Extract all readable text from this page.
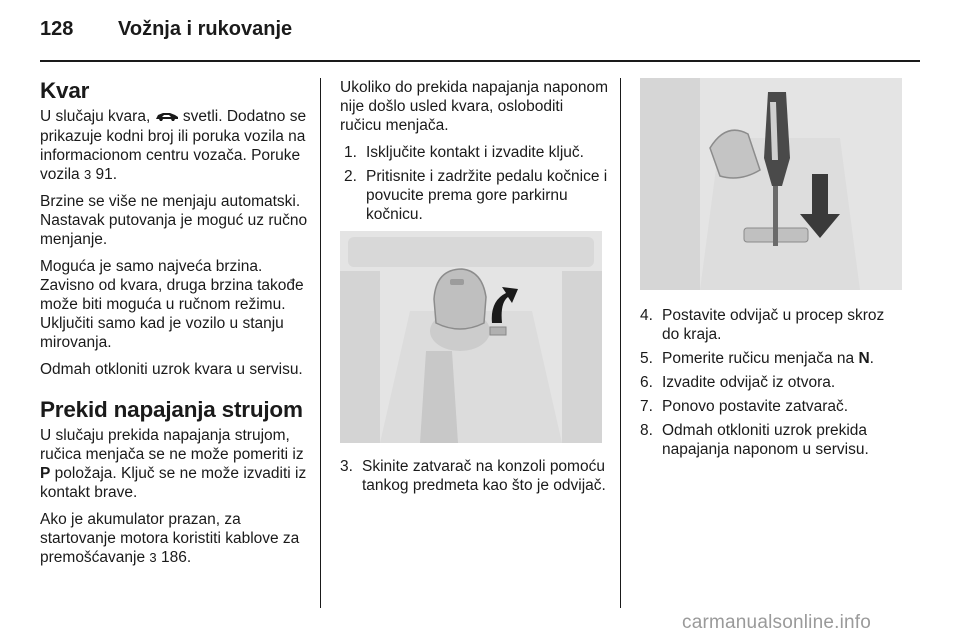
128 Vožnja i rukovanje
Kvar

U slučaju kvara, svetli. Dodatno se prikazuje kodni broj ili poruka vozila na informacionom centru vozača. Poruke vozila 3 91.

Brzine se više ne menjaju automatski. Nastavak putovanja je moguć uz ručno menjanje.

Moguća je samo najveća brzina. Zavisno od kvara, druga brzina takođe može biti moguća u ručnom režimu. Uključiti samo kad je vozilo u stanju mirovanja.

Odmah otkloniti uzrok kvara u servisu.

Prekid napajanja strujom

U slučaju prekida napajanja strujom, ručica menjača se ne može pomeriti iz P položaja. Ključ se ne može izvaditi iz kontakt brave.

Ako je akumulator prazan, za startovanje motora koristiti kablove za premošćavanje 3 186.

Ukoliko do prekida napajanja naponom nije došlo usled kvara, osloboditi ručicu menjača.

1. Isključite kontakt i izvadite ključ.
2. Pritisnite i zadržite pedalu kočnice i povucite prema gore parkirnu kočnicu.
3. Skinite zatvarač na konzoli pomoću tankog predmeta kao što je odvijač.
4. Postavite odvijač u procep skroz do kraja.
5. Pomerite ručicu menjača na N.
6. Izvadite odvijač iz otvora.
7. Ponovo postavite zatvarač.
8. Odmah otkloniti uzrok prekida napajanja naponom u servisu.
carmanualsonline.info
